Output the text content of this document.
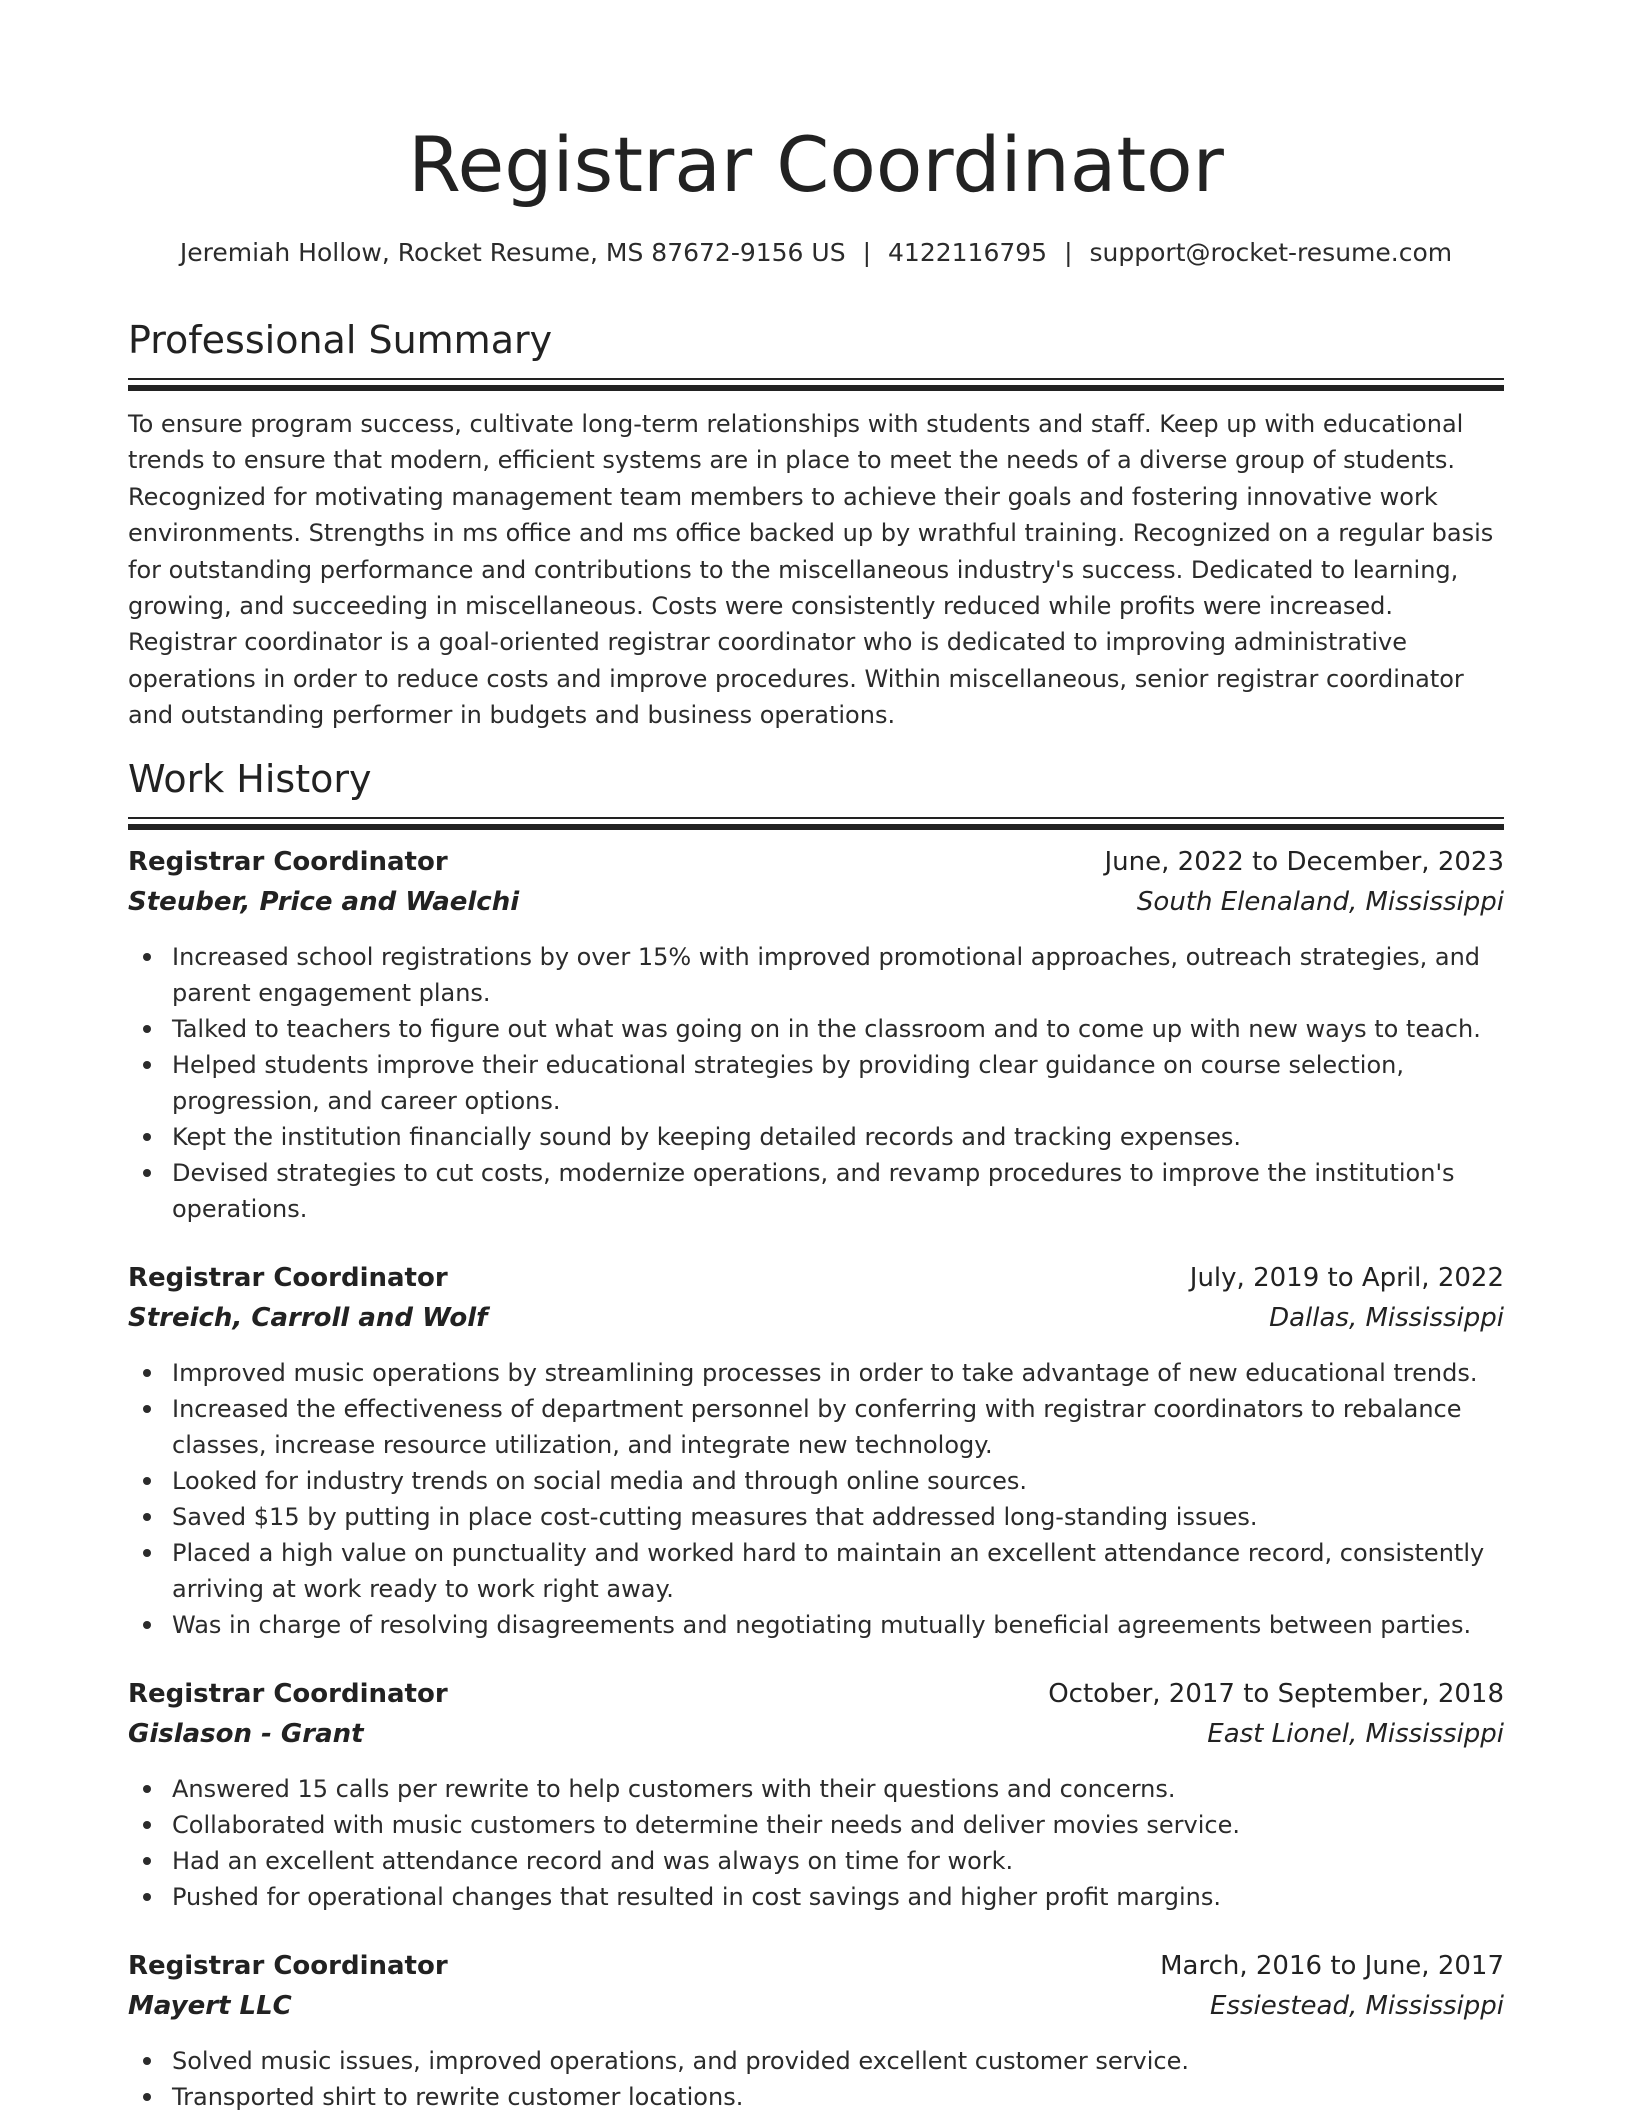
Registrar Coordinator
Jeremiah Hollow, Rocket Resume, MS 87672-9156 US | 4122116795 | support@rocket-resume.com
Professional Summary

To ensure program success, cultivate long-term relationships with students and staff. Keep up with educational trends to ensure that modern, efficient systems are in place to meet the needs of a diverse group of students. Recognized for motivating management team members to achieve their goals and fostering innovative work environments. Strengths in ms office and ms office backed up by wrathful training. Recognized on a regular basis for outstanding performance and contributions to the miscellaneous industry's success. Dedicated to learning, growing, and succeeding in miscellaneous. Costs were consistently reduced while profits were increased. Registrar coordinator is a goal-oriented registrar coordinator who is dedicated to improving administrative operations in order to reduce costs and improve procedures. Within miscellaneous, senior registrar coordinator and outstanding performer in budgets and business operations.

Work History
Registrar Coordinator	June, 2022 to December, 2023
Steuber, Price and Waelchi	South Elenaland, Mississippi
Increased school registrations by over 15% with improved promotional approaches, outreach strategies, and parent engagement plans.
Talked to teachers to figure out what was going on in the classroom and to come up with new ways to teach.
Helped students improve their educational strategies by providing clear guidance on course selection, progression, and career options.
Kept the institution financially sound by keeping detailed records and tracking expenses.
Devised strategies to cut costs, modernize operations, and revamp procedures to improve the institution's operations.
Registrar Coordinator	July, 2019 to April, 2022
Streich, Carroll and Wolf	Dallas, Mississippi
Improved music operations by streamlining processes in order to take advantage of new educational trends.
Increased the effectiveness of department personnel by conferring with registrar coordinators to rebalance classes, increase resource utilization, and integrate new technology.
Looked for industry trends on social media and through online sources.
Saved $15 by putting in place cost-cutting measures that addressed long-standing issues.
Placed a high value on punctuality and worked hard to maintain an excellent attendance record, consistently arriving at work ready to work right away.
Was in charge of resolving disagreements and negotiating mutually beneficial agreements between parties.
Registrar Coordinator	October, 2017 to September, 2018
Gislason - Grant	East Lionel, Mississippi
Answered 15 calls per rewrite to help customers with their questions and concerns.
Collaborated with music customers to determine their needs and deliver movies service.
Had an excellent attendance record and was always on time for work.
Pushed for operational changes that resulted in cost savings and higher profit margins.
Registrar Coordinator	March, 2016 to June, 2017
Mayert LLC	Essiestead, Mississippi
Solved music issues, improved operations, and provided excellent customer service.
Transported shirt to rewrite customer locations.
